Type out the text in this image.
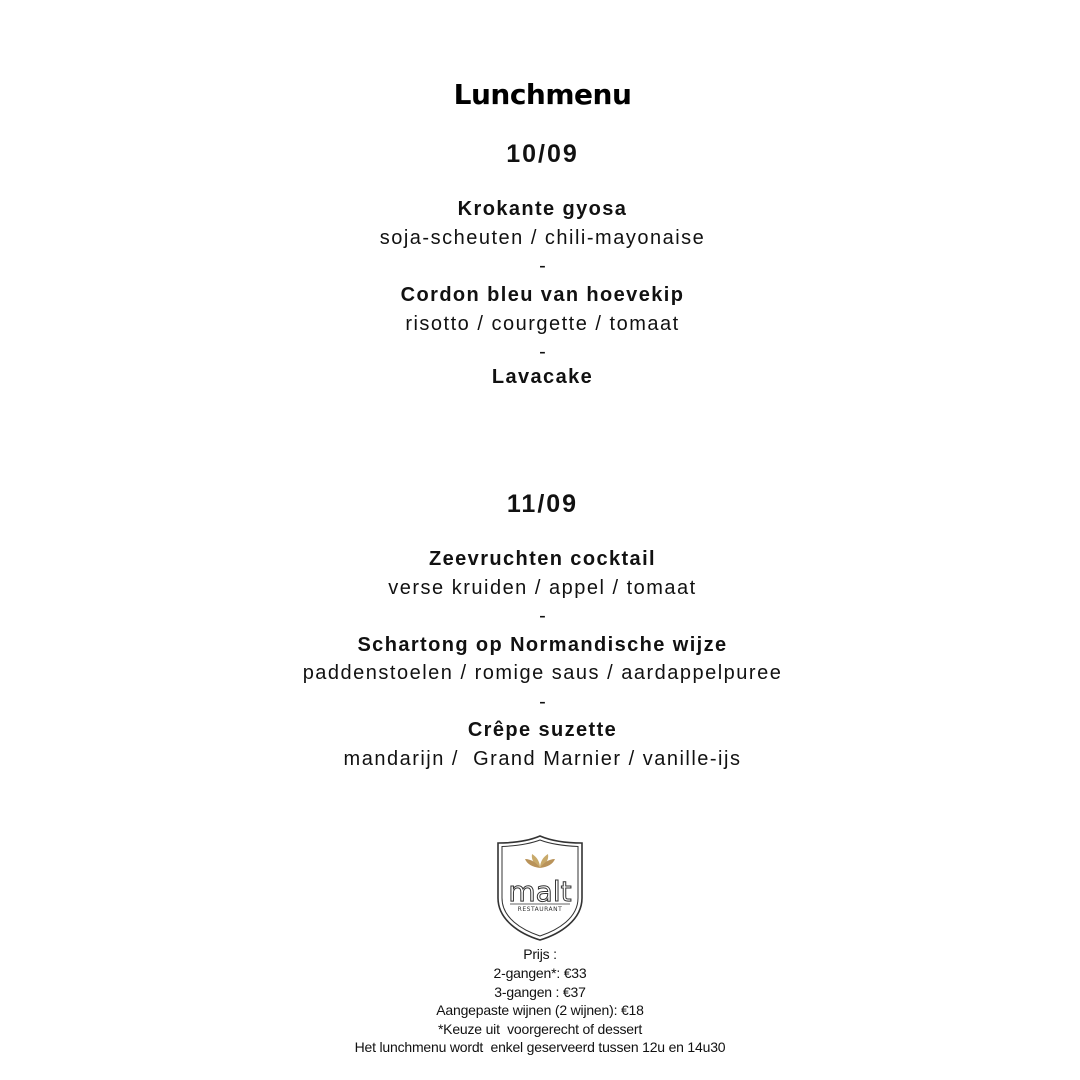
Lunchmenu
10/09
Krokante gyosa
soja-scheuten / chili-mayonaise
-
Cordon bleu van hoevekip
risotto / courgette / tomaat
-
Lavacake
11/09
Zeevruchten cocktail
verse kruiden / appel / tomaat
-
Schartong op Normandische wijze
paddenstoelen / romige saus / aardappelpuree
-
Crêpe suzette
mandarijn /  Grand Marnier / vanille-ijs
malt
RESTAURANT
Prijs :
2-gangen*: €33
3-gangen : €37
Aangepaste wijnen (2 wijnen): €18
*Keuze uit  voorgerecht of dessert
Het lunchmenu wordt  enkel geserveerd tussen 12u en 14u30
